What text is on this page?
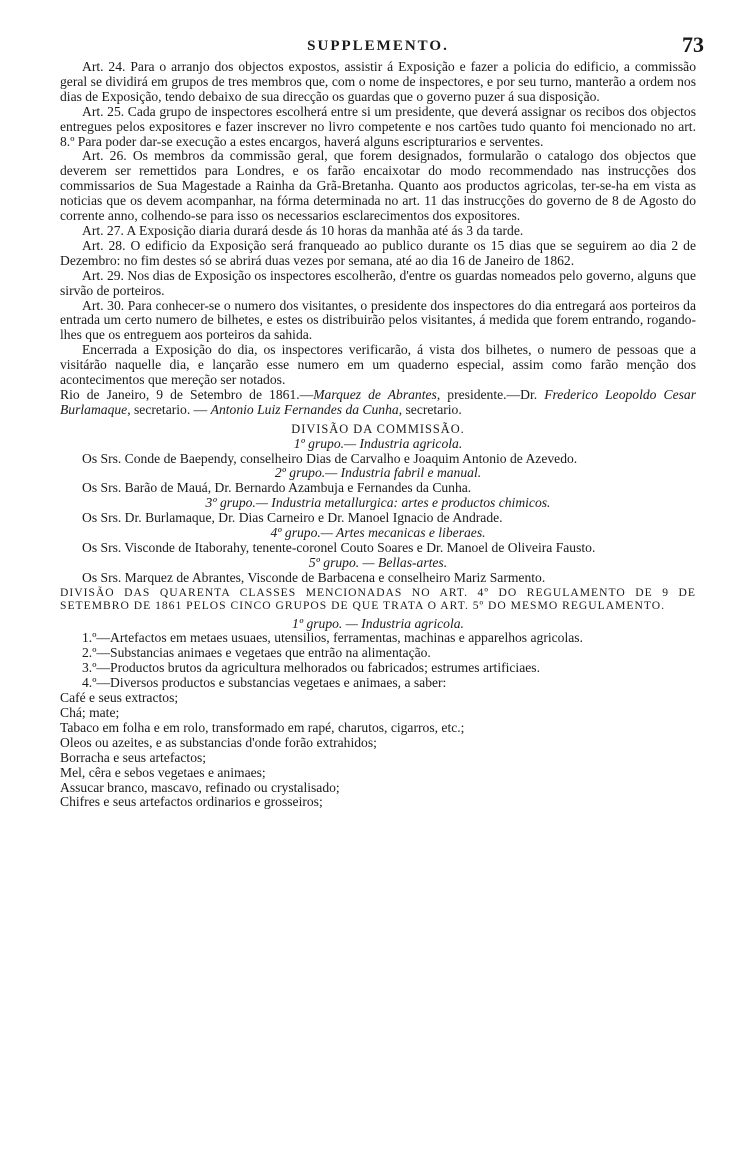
SUPPLEMENTO.	73

Art. 24. Para o arranjo dos objectos expostos, assistir á Exposição e fazer a policia do edificio, a commissão geral se dividirá em grupos de tres membros que, com o nome de inspectores, e por seu turno, manterão a ordem nos dias de Exposição, tendo debaixo de sua direcção os guardas que o governo puzer á sua disposição.

Art. 25. Cada grupo de inspectores escolherá entre si um presidente, que deverá assignar os recibos dos objectos entregues pelos expositores e fazer inscrever no livro competente e nos cartões tudo quanto foi mencionado no art. 8.º Para poder dar-se execução a estes encargos, haverá alguns escripturarios e serventes.

Art. 26. Os membros da commissão geral, que forem designados, formularão o catalogo dos objectos que deverem ser remettidos para Londres, e os farão encaixotar do modo recommendado nas instrucções dos commissarios de Sua Magestade a Rainha da Grã-Bretanha. Quanto aos productos agricolas, ter-se-ha em vista as noticias que os devem acompanhar, na fórma determinada no art. 11 das instrucções do governo de 8 de Agosto do corrente anno, colhendo-se para isso os necessarios esclarecimentos dos expositores.

Art. 27. A Exposição diaria durará desde ás 10 horas da manhãa até ás 3 da tarde.

Art. 28. O edificio da Exposição será franqueado ao publico durante os 15 dias que se seguirem ao dia 2 de Dezembro: no fim destes só se abrirá duas vezes por semana, até ao dia 16 de Janeiro de 1862.

Art. 29. Nos dias de Exposição os inspectores escolherão, d'entre os guardas nomeados pelo governo, alguns que sirvão de porteiros.

Art. 30. Para conhecer-se o numero dos visitantes, o presidente dos inspectores do dia entregará aos porteiros da entrada um certo numero de bilhetes, e estes os distribuirão pelos visitantes, á medida que forem entrando, rogando-lhes que os entreguem aos porteiros da sahida.

Encerrada a Exposição do dia, os inspectores verificarão, á vista dos bilhetes, o numero de pessoas que a visitárão naquelle dia, e lançarão esse numero em um quaderno especial, assim como farão menção dos acontecimentos que mereção ser notados.

Rio de Janeiro, 9 de Setembro de 1861.—Marquez de Abrantes, presidente.—Dr. Frederico Leopoldo Cesar Burlamaque, secretario. — Antonio Luiz Fernandes da Cunha, secretario.

DIVISÃO DA COMMISSÃO.

1º grupo.— Industria agricola.

Os Srs. Conde de Baependy, conselheiro Dias de Carvalho e Joaquim Antonio de Azevedo.

2º grupo.— Industria fabril e manual.

Os Srs. Barão de Mauá, Dr. Bernardo Azambuja e Fernandes da Cunha.

3º grupo.— Industria metallurgica: artes e productos chimicos.

Os Srs. Dr. Burlamaque, Dr. Dias Carneiro e Dr. Manoel Ignacio de Andrade.

4º grupo.— Artes mecanicas e liberaes.

Os Srs. Visconde de Itaborahy, tenente-coronel Couto Soares e Dr. Manoel de Oliveira Fausto.

5º grupo. — Bellas-artes.

Os Srs. Marquez de Abrantes, Visconde de Barbacena e conselheiro Mariz Sarmento.

DIVISÃO DAS QUARENTA CLASSES MENCIONADAS NO ART. 4º DO REGULAMENTO DE 9 DE SETEMBRO DE 1861 PELOS CINCO GRUPOS DE QUE TRATA O ART. 5º DO MESMO REGULAMENTO.

1º grupo. — Industria agricola.

1.º—Artefactos em metaes usuaes, utensilios, ferramentas, machinas e apparelhos agricolas.

2.º—Substancias animaes e vegetaes que entrão na alimentação.

3.º—Productos brutos da agricultura melhorados ou fabricados; estrumes artificiaes.

4.º—Diversos productos e substancias vegetaes e animaes, a saber:

Café e seus extractos;

Chá; mate;

Tabaco em folha e em rolo, transformado em rapé, charutos, cigarros, etc.;

Oleos ou azeites, e as substancias d'onde forão extrahidos;

Borracha e seus artefactos;

Mel, cêra e sebos vegetaes e animaes;

Assucar branco, mascavo, refinado ou crystalisado;

Chifres e seus artefactos ordinarios e grosseiros;
